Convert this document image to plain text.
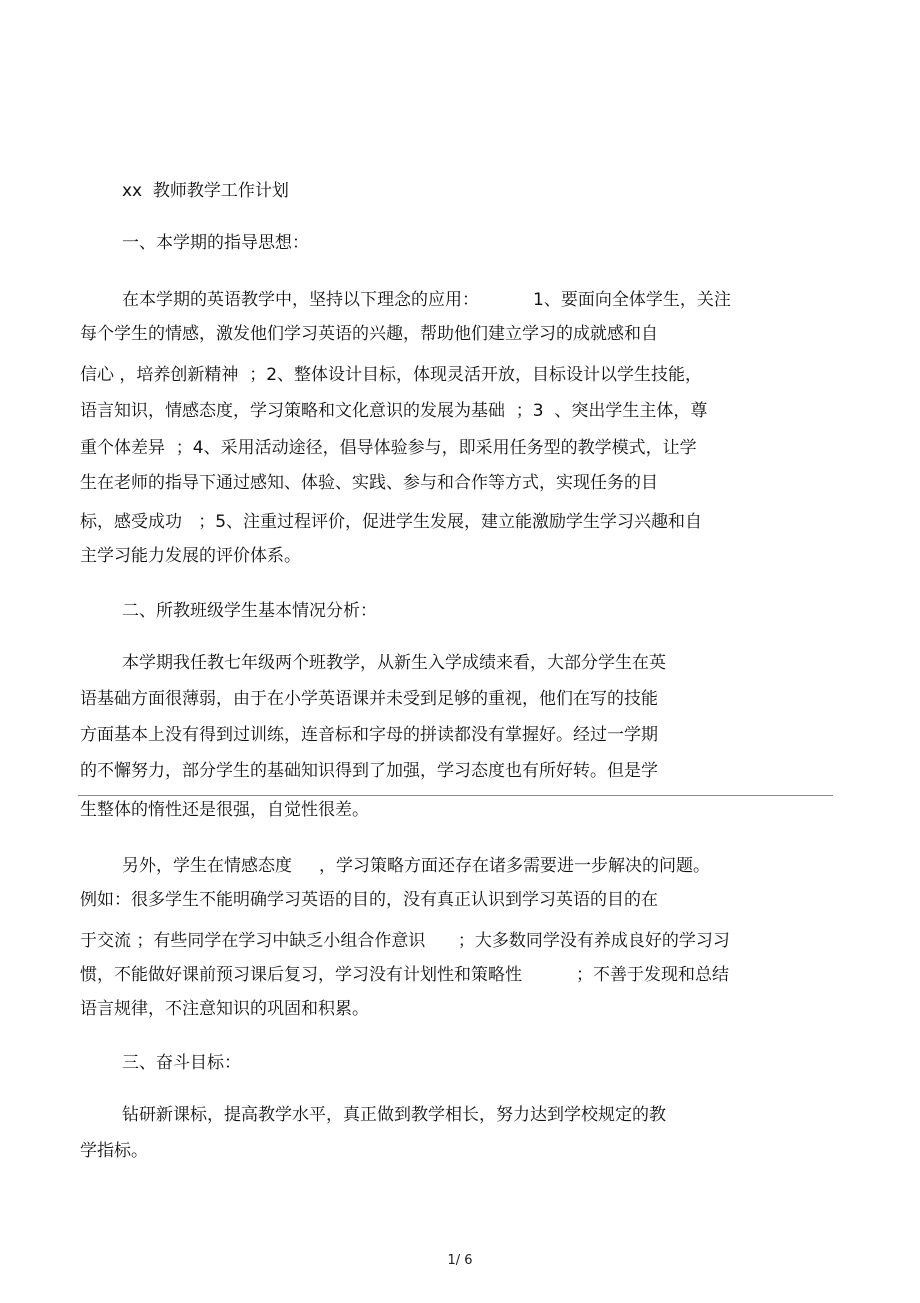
xx  教师教学工作计划

一、本学期的指导思想：

在本学期的英语教学中，坚持以下理念的应用：          1、要面向全体学生，关注

每个学生的情感，激发他们学习英语的兴趣，帮助他们建立学习的成就感和自

信心 ，培养创新精神  ；2、整体设计目标，体现灵活开放，目标设计以学生技能，

语言知识，情感态度，学习策略和文化意识的发展为基础  ；3  、突出学生主体，尊

重个体差异  ；4、采用活动途径，倡导体验参与，即采用任务型的教学模式，让学

生在老师的指导下通过感知、体验、实践、参与和合作等方式，实现任务的目

标，感受成功   ；5、注重过程评价，促进学生发展，建立能激励学生学习兴趣和自

主学习能力发展的评价体系。

二、所教班级学生基本情况分析：

本学期我任教七年级两个班教学，从新生入学成绩来看，大部分学生在英

语基础方面很薄弱，由于在小学英语课并未受到足够的重视，他们在写的技能

方面基本上没有得到过训练，连音标和字母的拼读都没有掌握好。经过一学期

的不懈努力，部分学生的基础知识得到了加强，学习态度也有所好转。但是学

生整体的惰性还是很强，自觉性很差。

另外，学生在情感态度     ，学习策略方面还存在诸多需要进一步解决的问题。

例如：很多学生不能明确学习英语的目的，没有真正认识到学习英语的目的在

于交流 ；有些同学在学习中缺乏小组合作意识      ；大多数同学没有养成良好的学习习

惯，不能做好课前预习课后复习，学习没有计划性和策略性          ；不善于发现和总结

语言规律，不注意知识的巩固和积累。

三、奋斗目标：

钻研新课标，提高教学水平，真正做到教学相长，努力达到学校规定的教

学指标。

1/ 6
